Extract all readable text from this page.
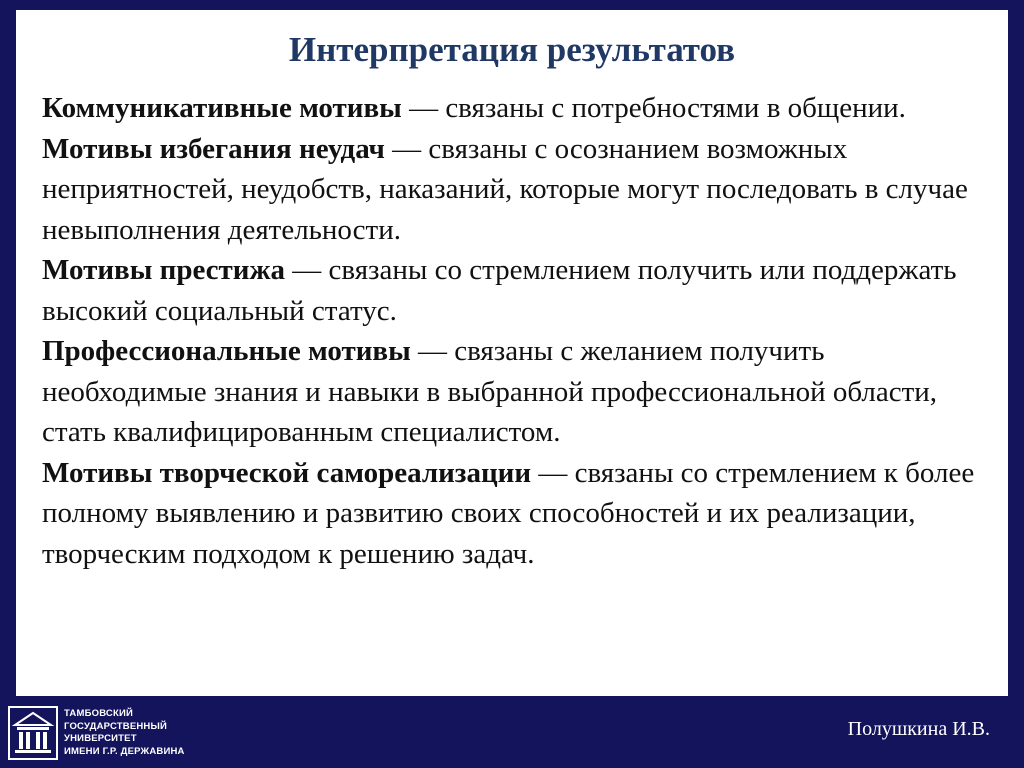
Интерпретация результатов
Коммуникативные мотивы — связаны с потребностями в общении.
Мотивы избегания неудач — связаны с осознанием возможных неприятностей, неудобств, наказаний, которые могут последовать в случае невыполнения деятельности.
Мотивы престижа — связаны со стремлением получить или поддержать высокий социальный статус.
Профессиональные мотивы — связаны с желанием получить необходимые знания и навыки в выбранной профессиональной области, стать квалифицированным специалистом.
Мотивы творческой самореализации — связаны со стремлением к более полному выявлению и развитию своих способностей и их реализации, творческим подходом к решению задач.
ТАМБОВСКИЙ
ГОСУДАРСТВЕННЫЙ
УНИВЕРСИТЕТ
ИМЕНИ Г.Р. ДЕРЖАВИНА
Полушкина И.В.
